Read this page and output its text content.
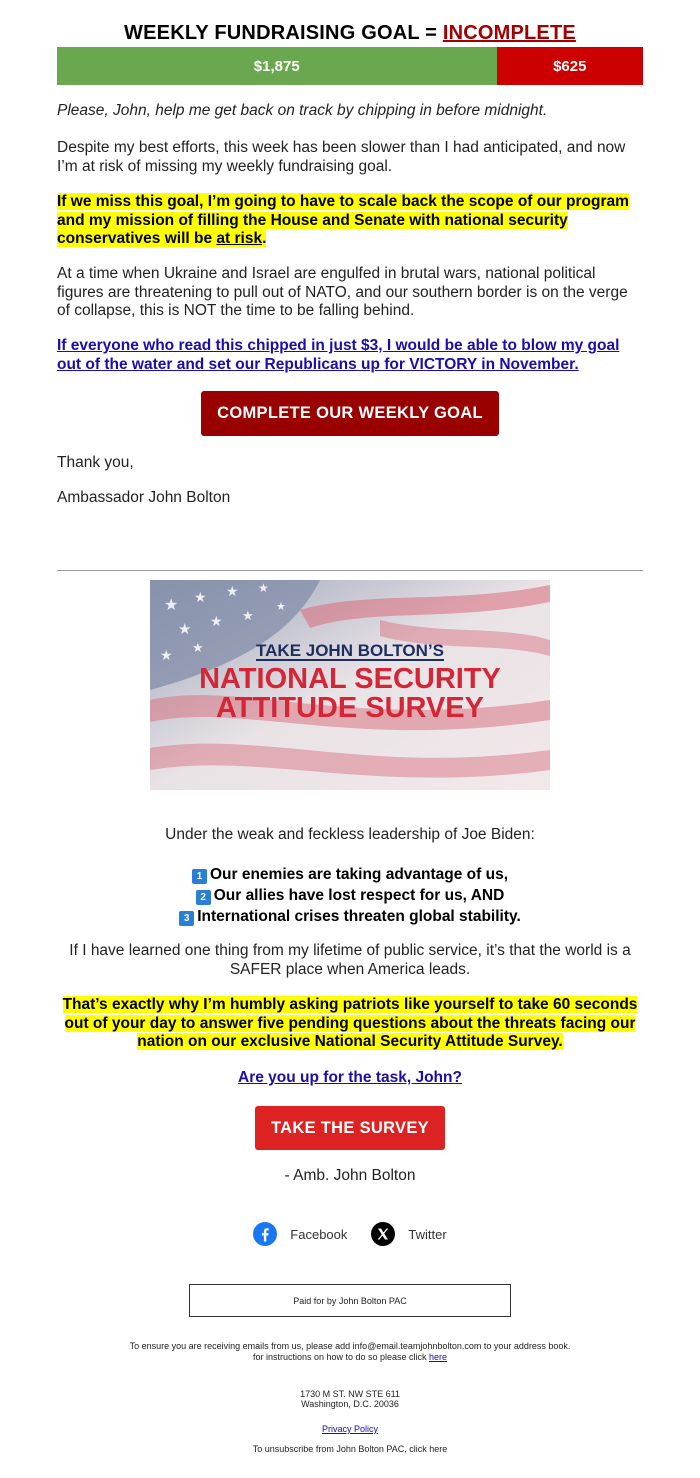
WEEKLY FUNDRAISING GOAL = INCOMPLETE
$1,875	$625

Please, John, help me get back on track by chipping in before midnight.

Despite my best efforts, this week has been slower than I had anticipated, and now I’m at risk of missing my weekly fundraising goal.

If we miss this goal, I’m going to have to scale back the scope of our program and my mission of filling the House and Senate with national security conservatives will be at risk.

At a time when Ukraine and Israel are engulfed in brutal wars, national political figures are threatening to pull out of NATO, and our southern border is on the verge of collapse, this is NOT the time to be falling behind.

If everyone who read this chipped in just $3, I would be able to blow my goal out of the water and set our Republicans up for VICTORY in November.

COMPLETE OUR WEEKLY GOAL

Thank you,

Ambassador John Bolton

★ ★ ★ ★
★ ★ ★
★ ★
★
TAKE JOHN BOLTON’S
NATIONAL SECURITY
ATTITUDE SURVEY

Under the weak and feckless leadership of Joe Biden:

1 Our enemies are taking advantage of us,
2 Our allies have lost respect for us, AND
3 International crises threaten global stability.

If I have learned one thing from my lifetime of public service, it’s that the world is a SAFER place when America leads.

That’s exactly why I’m humbly asking patriots like yourself to take 60 seconds out of your day to answer five pending questions about the threats facing our nation on our exclusive National Security Attitude Survey.

Are you up for the task, John?

TAKE THE SURVEY

- Amb. John Bolton

Facebook	Twitter
Paid for by John Bolton PAC

To ensure you are receiving emails from us, please add info@email.teamjohnbolton.com to your address book.

for instructions on how to do so please click here

1730 M ST. NW STE 611

Washington, D.C. 20036

Privacy Policy

To unsubscribe from John Bolton PAC, click here
